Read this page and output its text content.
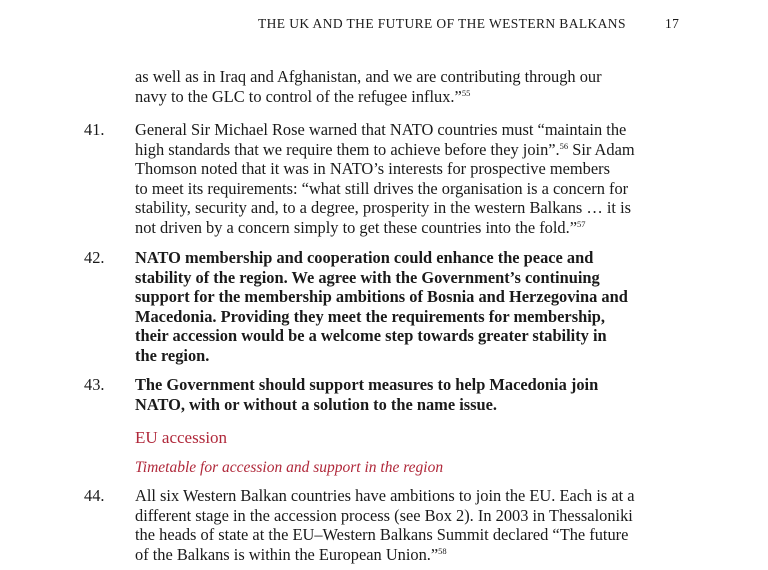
THE UK AND THE FUTURE OF THE WESTERN BALKANS	17
as well as in Iraq and Afghanistan, and we are contributing through our
navy to the GLC to control of the refugee influx.”$^{55}$
41. General Sir Michael Rose warned that NATO countries must “maintain the
high standards that we require them to achieve before they join”.$^{56}$ Sir Adam
Thomson noted that it was in NATO’s interests for prospective members
to meet its requirements: “what still drives the organisation is a concern for
stability, security and, to a degree, prosperity in the western Balkans … it is
not driven by a concern simply to get these countries into the fold.”$^{57}$
42. NATO membership and cooperation could enhance the peace and
stability of the region. We agree with the Government’s continuing
support for the membership ambitions of Bosnia and Herzegovina and
Macedonia. Providing they meet the requirements for membership,
their accession would be a welcome step towards greater stability in
the region.
43. The Government should support measures to help Macedonia join
NATO, with or without a solution to the name issue.
EU accession
Timetable for accession and support in the region
44. All six Western Balkan countries have ambitions to join the EU. Each is at a
different stage in the accession process (see Box 2). In 2003 in Thessaloniki
the heads of state at the EU–Western Balkans Summit declared “The future
of the Balkans is within the European Union.”$^{58}$
